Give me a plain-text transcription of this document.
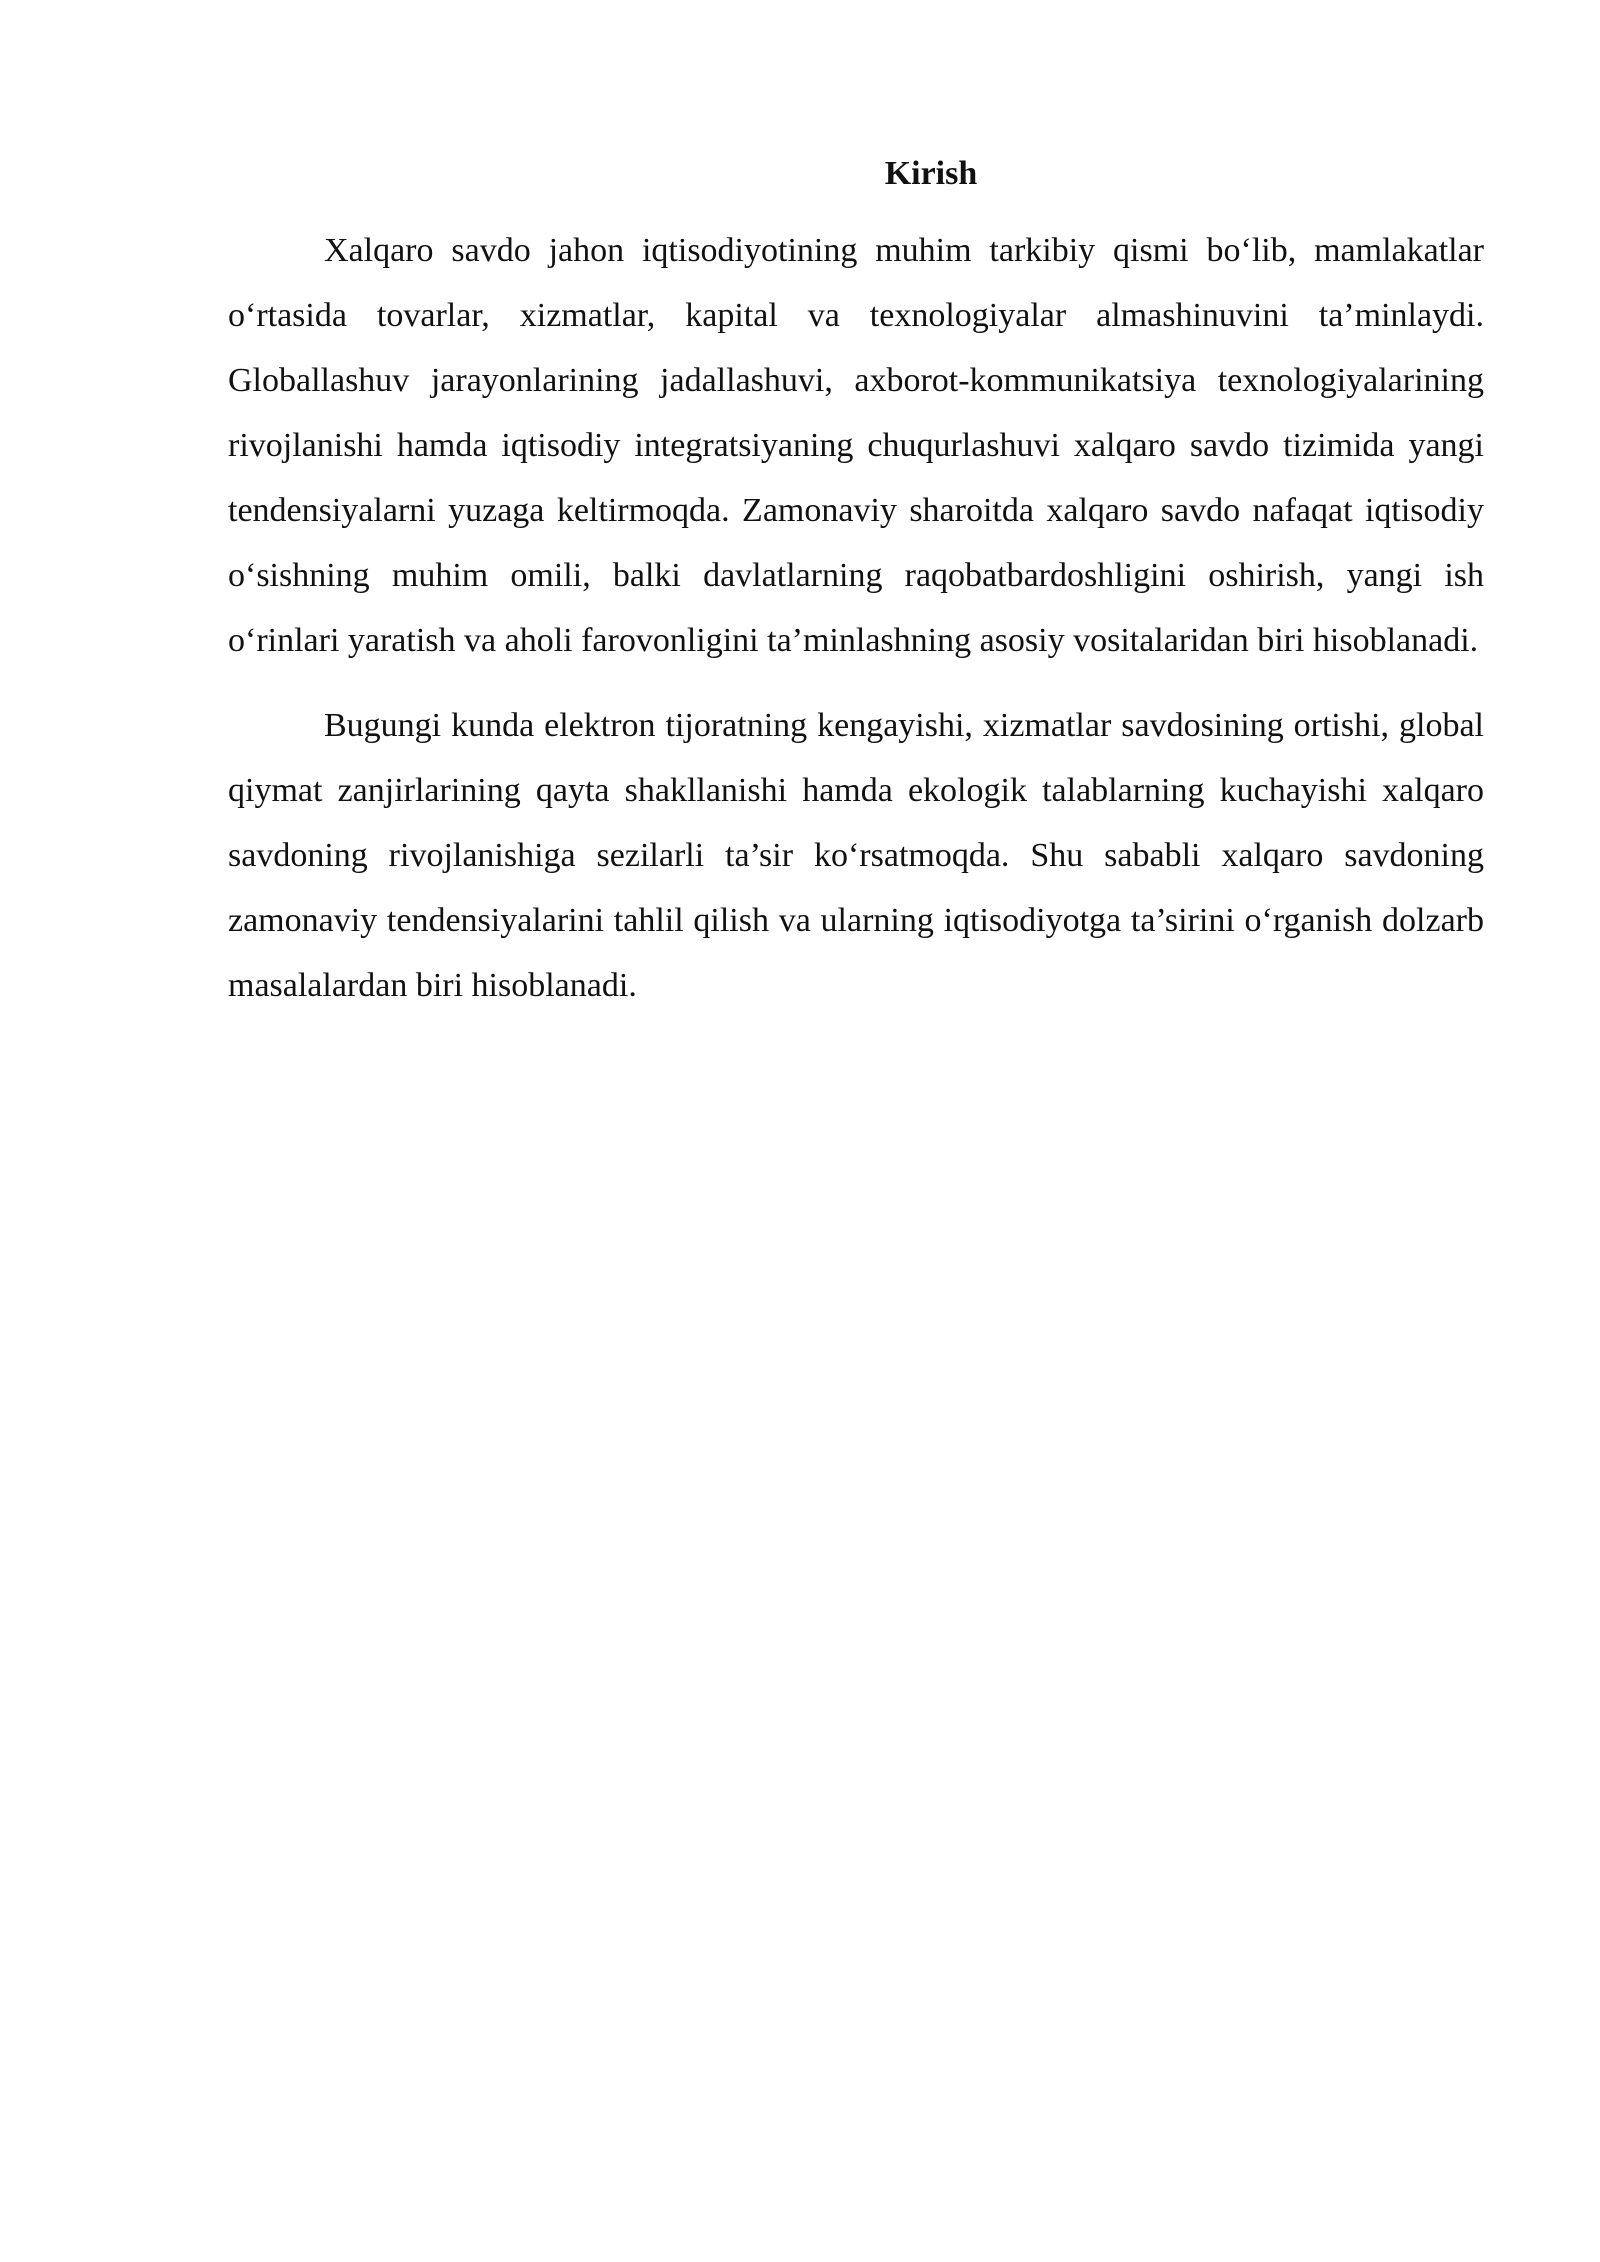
Kirish

Xalqaro savdo jahon iqtisodiyotining muhim tarkibiy qismi bo‘lib, mamlakatlar o‘rtasida tovarlar, xizmatlar, kapital va texnologiyalar almashinuvini ta’minlaydi. Globallashuv jarayonlarining jadallashuvi, axborot-kommunikatsiya texnologiyalarining rivojlanishi hamda iqtisodiy integratsiyaning chuqurlashuvi xalqaro savdo tizimida yangi tendensiyalarni yuzaga keltirmoqda. Zamonaviy sharoitda xalqaro savdo nafaqat iqtisodiy o‘sishning muhim omili, balki davlatlarning raqobatbardoshligini oshirish, yangi ish o‘rinlari yaratish va aholi farovonligini ta’minlashning asosiy vositalaridan biri hisoblanadi.

Bugungi kunda elektron tijoratning kengayishi, xizmatlar savdosining ortishi, global qiymat zanjirlarining qayta shakllanishi hamda ekologik talablarning kuchayishi xalqaro savdoning rivojlanishiga sezilarli ta’sir ko‘rsatmoqda. Shu sababli xalqaro savdoning zamonaviy tendensiyalarini tahlil qilish va ularning iqtisodiyotga ta’sirini o‘rganish dolzarb masalalardan biri hisoblanadi.
